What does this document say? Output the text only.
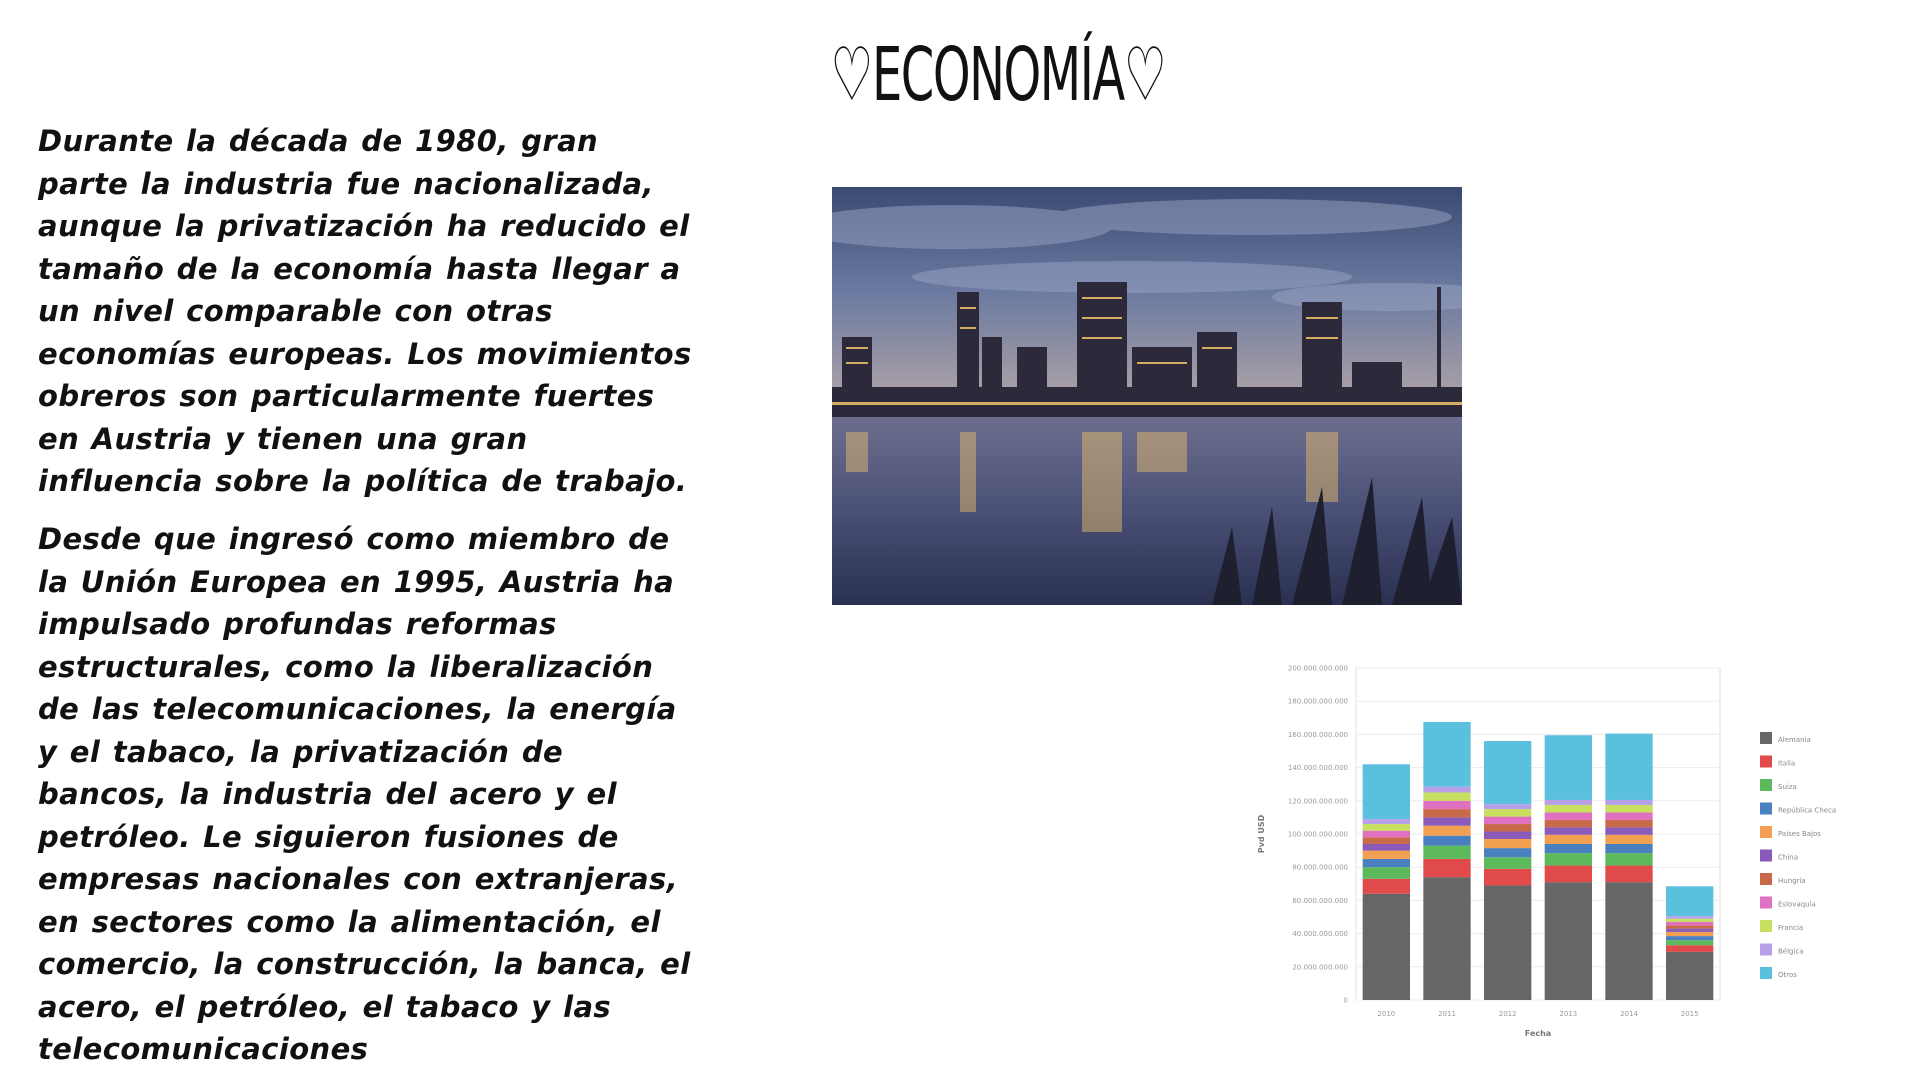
♡ECONOMÍA♡

Durante la década de 1980, gran parte la industria fue nacionalizada, aunque la privatización ha reducido el tamaño de la economía hasta llegar a un nivel comparable con otras economías europeas. Los movimientos obreros son particularmente fuertes en Austria y tienen una gran influencia sobre la política de trabajo.

Desde que ingresó como miembro de la Unión Europea en 1995, Austria ha impulsado profundas reformas estructurales, como la liberalización de las telecomunicaciones, la energía y el tabaco, la privatización de bancos, la industria del acero y el petróleo. Le siguieron fusiones de empresas nacionales con extranjeras, en sectores como la alimentación, el comercio, la construcción, la banca, el acero, el petróleo, el tabaco y las telecomunicaciones

0
20.000.000.000
40.000.000.000
60.000.000.000
80.000.000.000
100.000.000.000
120.000.000.000
140.000.000.000
160.000.000.000
180.000.000.000
200.000.000.000
2010	2011	2012	2013	2014	2015
Fecha
Pvd USD
Alemania
Italia
Suiza
República Checa
Países Bajos
China
Hungría
Eslovaquia
Francia
Bélgica
Otros
